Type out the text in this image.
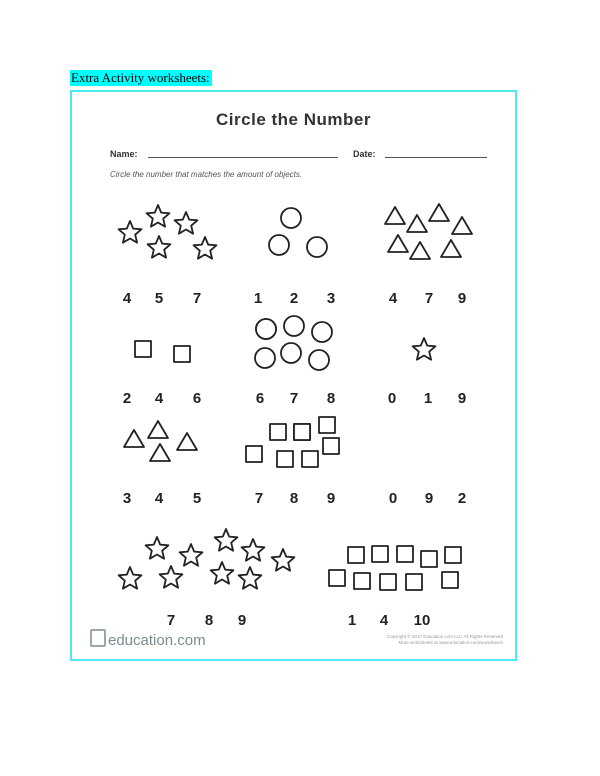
Extra Activity worksheets:
Circle the Number
Name:	Date:
Circle the number that matches the amount of objects.
education.com	Copyright © 2017 Education.com LLC All Rights Reserved
More worksheets at www.education.com/worksheets
4	5	7	1	2	3	4	7	9
2	4	6	6	7	8	0	1	9
3	4	5	7	8	9	0	9	2
7	8	9	1	4	10
